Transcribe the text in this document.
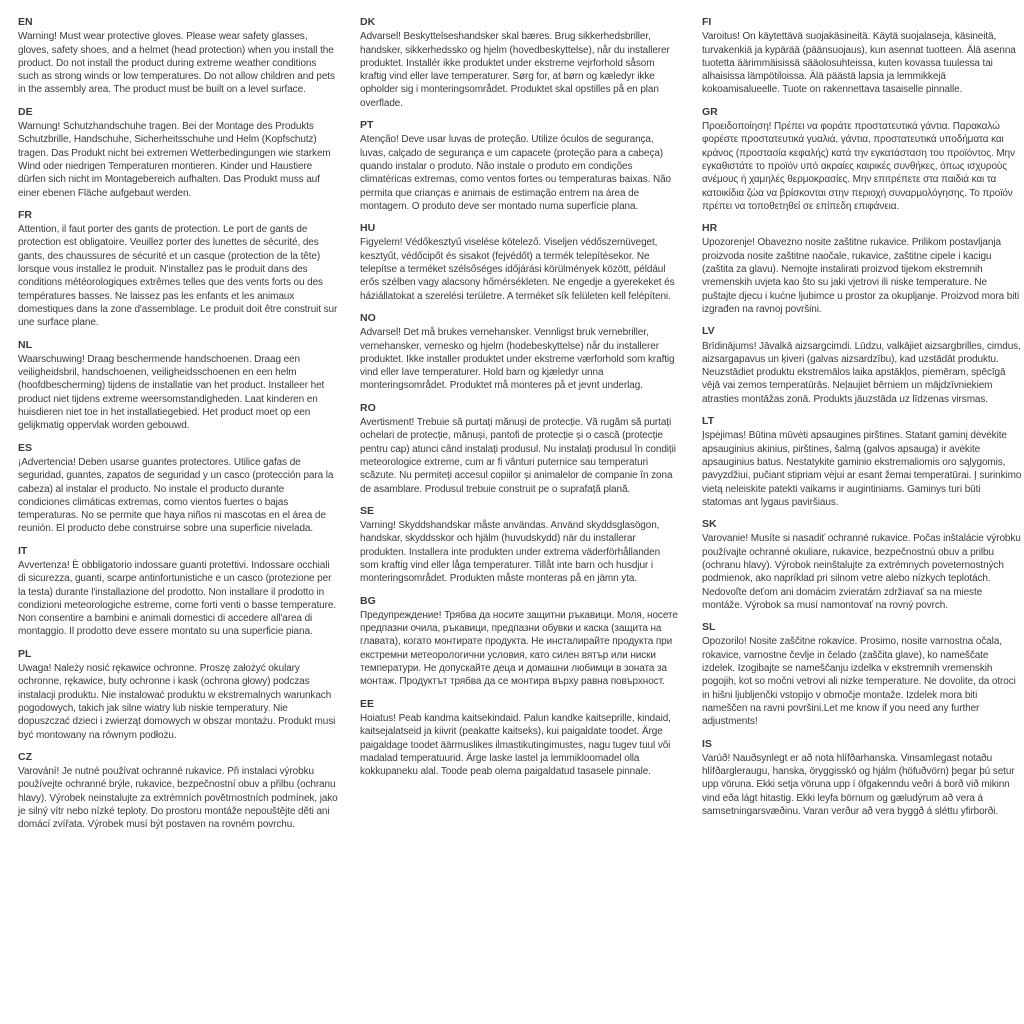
EN

Warning! Must wear protective gloves. Please wear safety glasses, gloves, safety shoes, and a helmet (head protection) when you install the product. Do not install the product during extreme weather conditions such as strong winds or low temperatures. Do not allow children and pets in the assembly area. The product must be built on a level surface.

DE

Warnung! Schutzhandschuhe tragen. Bei der Montage des Produkts Schutzbrille, Handschuhe, Sicherheitsschuhe und Helm (Kopfschutz) tragen. Das Produkt nicht bei extremen Wetterbedingungen wie starkem Wind oder niedrigen Temperaturen montieren. Kinder und Haustiere dürfen sich nicht im Montagebereich aufhalten. Das Produkt muss auf einer ebenen Fläche aufgebaut werden.

FR

Attention, il faut porter des gants de protection. Le port de gants de protection est obligatoire. Veuillez porter des lunettes de sécurité, des gants, des chaussures de sécurité et un casque (protection de la tête) lorsque vous installez le produit. N'installez pas le produit dans des conditions météorologiques extrêmes telles que des vents forts ou des températures basses. Ne laissez pas les enfants et les animaux domestiques dans la zone d'assemblage. Le produit doit être construit sur une surface plane.

NL

Waarschuwing! Draag beschermende handschoenen. Draag een veiligheidsbril, handschoenen, veiligheidsschoenen en een helm (hoofdbescherming) tijdens de installatie van het product. Installeer het product niet tijdens extreme weersomstandigheden. Laat kinderen en huisdieren niet toe in het installatiegebied. Het product moet op een gelijkmatig oppervlak worden gebouwd.

ES

¡Advertencia! Deben usarse guantes protectores. Utilice gafas de seguridad, guantes, zapatos de seguridad y un casco (protección para la cabeza) al instalar el producto. No instale el producto durante condiciones climáticas extremas, como vientos fuertes o bajas temperaturas. No se permite que haya niños ni mascotas en el área de reunión. El producto debe construirse sobre una superficie nivelada.

IT

Avvertenza! È obbligatorio indossare guanti protettivi. Indossare occhiali di sicurezza, guanti, scarpe antinfortunistiche e un casco (protezione per la testa) durante l'installazione del prodotto. Non installare il prodotto in condizioni meteorologiche estreme, come forti venti o basse temperature. Non consentire a bambini e animali domestici di accedere all'area di montaggio. Il prodotto deve essere montato su una superficie piana.

PL

Uwaga! Należy nosić rękawice ochronne. Proszę założyć okulary ochronne, rękawice, buty ochronne i kask (ochrona głowy) podczas instalacji produktu. Nie instalować produktu w ekstremalnych warunkach pogodowych, takich jak silne wiatry lub niskie temperatury. Nie dopuszczać dzieci i zwierząt domowych w obszar montażu. Produkt musi być montowany na równym podłożu.

CZ

Varování! Je nutné používat ochranné rukavice. Při instalaci výrobku používejte ochranné brýle, rukavice, bezpečnostní obuv a přilbu (ochranu hlavy). Výrobek neinstalujte za extrémních povětrnostních podmínek, jako je silný vítr nebo nízké teploty. Do prostoru montáže nepouštějte děti ani domácí zvířata. Výrobek musí být postaven na rovném povrchu.

DK

Advarsel! Beskyttelseshandsker skal bæres. Brug sikkerhedsbriller, handsker, sikkerhedssko og hjelm (hovedbeskyttelse), når du installerer produktet. Installér ikke produktet under ekstreme vejrforhold såsom kraftig vind eller lave temperaturer. Sørg for, at børn og kæledyr ikke opholder sig i monteringsområdet. Produktet skal opstilles på en plan overflade.

PT

Atenção! Deve usar luvas de proteção. Utilize óculos de segurança, luvas, calçado de segurança e um capacete (proteção para a cabeça) quando instalar o produto. Não instale o produto em condições climatéricas extremas, como ventos fortes ou temperaturas baixas. Não permita que crianças e animais de estimação entrem na área de montagem. O produto deve ser montado numa superfície plana.

HU

Figyelem! Védőkesztyű viselése kötelező. Viseljen védőszemüveget, kesztyűt, védőcipőt és sisakot (fejvédőt) a termék telepítésekor. Ne telepítse a terméket szélsőséges időjárási körülmények között, például erős szélben vagy alacsony hőmérsékleten. Ne engedje a gyerekeket és háziállatokat a szerelési területre. A terméket sík felületen kell felépíteni.

NO

Advarsel! Det må brukes vernehansker. Vennligst bruk vernebriller, vernehansker, vernesko og hjelm (hodebeskyttelse) når du installerer produktet. Ikke installer produktet under ekstreme værforhold som kraftig vind eller lave temperaturer. Hold barn og kjæledyr unna monteringsområdet. Produktet må monteres på et jevnt underlag.

RO

Avertisment! Trebuie să purtați mănuși de protecție. Vă rugăm să purtați ochelari de protecție, mănuși, pantofi de protecție și o cască (protecție pentru cap) atunci când instalați produsul. Nu instalați produsul în condiții meteorologice extreme, cum ar fi vânturi puternice sau temperaturi scăzute. Nu permiteți accesul copiilor și animalelor de companie în zona de asamblare. Produsul trebuie construit pe o suprafață plană.

SE

Varning! Skyddshandskar måste användas. Använd skyddsglasögon, handskar, skyddsskor och hjälm (huvudskydd) när du installerar produkten. Installera inte produkten under extrema väderförhållanden som kraftig vind eller låga temperaturer. Tillåt inte barn och husdjur i monteringsområdet. Produkten måste monteras på en jämn yta.

BG

Предупреждение! Трябва да носите защитни ръкавици. Моля, носете предпазни очила, ръкавици, предпазни обувки и каска (защита на главата), когато монтирате продукта. Не инсталирайте продукта при екстремни метеорологични условия, като силен вятър или ниски температури. Не допускайте деца и домашни любимци в зоната за монтаж. Продуктът трябва да се монтира върху равна повърхност.

EE

Hoiatus! Peab kandma kaitsekindaid. Palun kandke kaitseprille, kindaid, kaitsejalatseid ja kiivrit (peakatte kaitseks), kui paigaldate toodet. Ärge paigaldage toodet äärmuslikes ilmastikutingimustes, nagu tugev tuul või madalad temperatuurid. Ärge laske lastel ja lemmikloomadel olla kokkupaneku alal. Toode peab olema paigaldatud tasasele pinnale.

FI

Varoitus! On käytettävä suojakäsineitä. Käytä suojalaseja, käsineitä, turvakenkiä ja kypärää (päänsuojaus), kun asennat tuotteen. Älä asenna tuotetta äärimmäisissä sääolosuhteissa, kuten kovassa tuulessa tai alhaisissa lämpötiloissa. Älä päästä lapsia ja lemmikkejä kokoamisalueelle. Tuote on rakennettava tasaiselle pinnalle.

GR

Προειδοποίηση! Πρέπει να φοράτε προστατευτικά γάντια. Παρακαλώ φορέστε προστατευτικά γυαλιά, γάντια, προστατευτικά υποδήματα και κράνος (προστασία κεφαλής) κατά την εγκατάσταση του προϊόντος. Μην εγκαθιστάτε το προϊόν υπό ακραίες καιρικές συνθήκες, όπως ισχυρούς ανέμους ή χαμηλές θερμοκρασίες. Μην επιτρέπετε στα παιδιά και τα κατοικίδια ζώα να βρίσκονται στην περιοχή συναρμολόγησης. Το προϊόν πρέπει να τοποθετηθεί σε επίπεδη επιφάνεια.

HR

Upozorenje! Obavezno nosite zaštitne rukavice. Prilikom postavljanja proizvoda nosite zaštitne naočale, rukavice, zaštitne cipele i kacigu (zaštita za glavu). Nemojte instalirati proizvod tijekom ekstremnih vremenskih uvjeta kao što su jaki vjetrovi ili niske temperature. Ne puštajte djecu i kućne ljubimce u prostor za okupljanje. Proizvod mora biti izgrađen na ravnoj površini.

LV

Brīdinājums! Jāvalkā aizsargcimdi. Lūdzu, valkājiet aizsargbrilles, cimdus, aizsargapavus un ķiveri (galvas aizsardzību), kad uzstādāt produktu. Neuzstādiet produktu ekstremālos laika apstākļos, piemēram, spēcīgā vējā vai zemos temperatūrās. Neļaujiet bērniem un mājdzīvniekiem atrasties montāžas zonā. Produkts jāuzstāda uz līdzenas virsmas.

LT

Įspėjimas! Būtina mūvėti apsaugines pirštines. Statant gaminį dėvėkite apsauginius akinius, pirštines, šalmą (galvos apsauga) ir avėkite apsauginius batus. Nestatykite gaminio ekstremaliomis oro sąlygomis, pavyzdžiui, pučiant stipriam vėjui ar esant žemai temperatūrai. Į surinkimo vietą neleiskite patekti vaikams ir augintiniams. Gaminys turi būti statomas ant lygaus paviršiaus.

SK

Varovanie! Musíte si nasadiť ochranné rukavice. Počas inštalácie výrobku používajte ochranné okuliare, rukavice, bezpečnostnú obuv a prilbu (ochranu hlavy). Výrobok neinštalujte za extrémnych poveternostných podmienok, ako napríklad pri silnom vetre alebo nízkych teplotách. Nedovoľte deťom ani domácim zvieratám zdržiavať sa na mieste montáže. Výrobok sa musí namontovať na rovný povrch.

SL

Opozorilo! Nosite zaščitne rokavice. Prosimo, nosite varnostna očala, rokavice, varnostne čevlje in čelado (zaščita glave), ko nameščate izdelek. Izogibajte se nameščanju izdelka v ekstremnih vremenskih pogojih, kot so močni vetrovi ali nizke temperature. Ne dovolite, da otroci in hišni ljubljenčki vstopijo v območje montaže. Izdelek mora biti nameščen na ravni površini.Let me know if you need any further adjustments!

IS

Varúð! Nauðsynlegt er að nota hlífðarhanska. Vinsamlegast notaðu hlífðargleraugu, hanska, öryggisskó og hjálm (höfuðvörn) þegar þú setur upp vöruna. Ekki setja vöruna upp í öfgakenndu veðri á borð við mikinn vind eða lágt hitastig. Ekki leyfa börnum og gæludýrum að vera á samsetningarsvæðinu. Varan verður að vera byggð á sléttu yfirborði.
